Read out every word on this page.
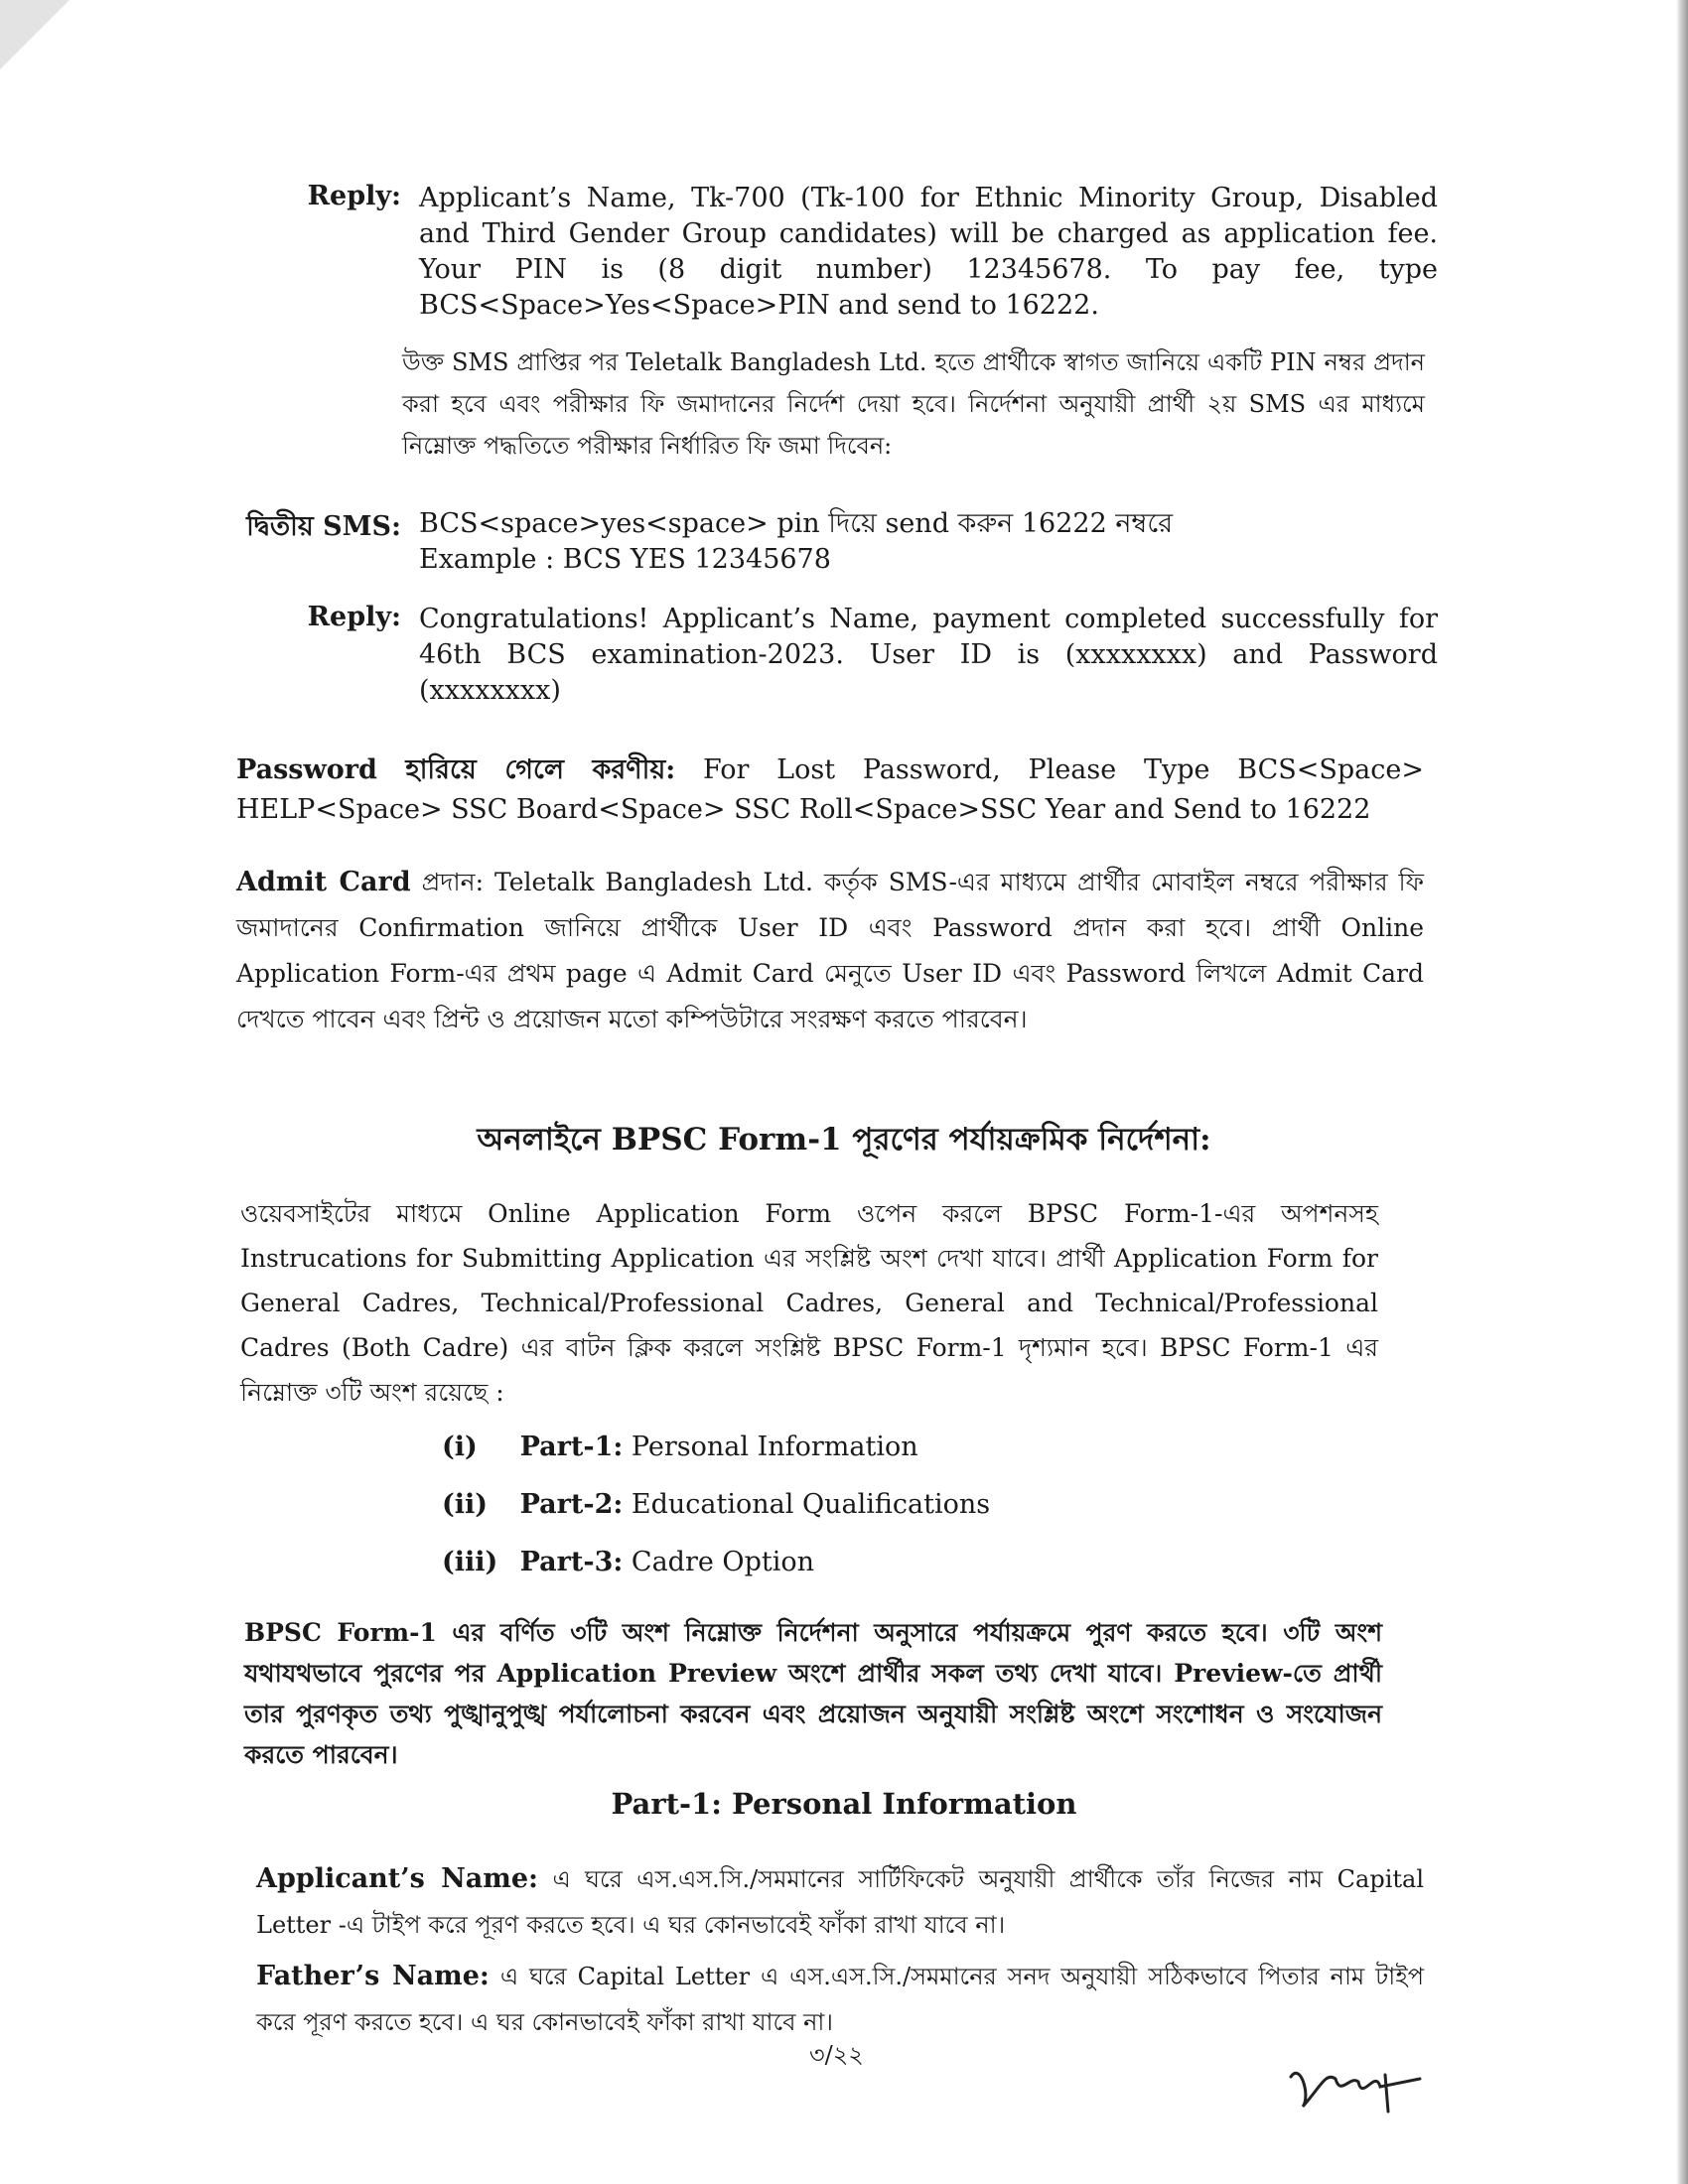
Reply: Applicant’s Name, Tk-700 (Tk-100 for Ethnic Minority Group, Disabled and Third Gender Group candidates) will be charged as application fee. Your PIN is (8 digit number) 12345678. To pay fee, type BCS<Space>Yes<Space>PIN and send to 16222.
উক্ত SMS প্রাপ্তির পর Teletalk Bangladesh Ltd. হতে প্রার্থীকে স্বাগত জানিয়ে একটি PIN নম্বর প্রদান করা হবে এবং পরীক্ষার ফি জমাদানের নির্দেশ দেয়া হবে। নির্দেশনা অনুযায়ী প্রার্থী ২য় SMS এর মাধ্যমে নিম্নোক্ত পদ্ধতিতে পরীক্ষার নির্ধারিত ফি জমা দিবেন:
দ্বিতীয় SMS: BCS<space>yes<space> pin দিয়ে send করুন 16222 নম্বরে
Example : BCS YES 12345678
Reply: Congratulations! Applicant’s Name, payment completed successfully for 46th BCS examination-2023. User ID is (xxxxxxxx) and Password (xxxxxxxx)
Password হারিয়ে গেলে করণীয়: For Lost Password, Please Type BCS<Space> HELP<Space> SSC Board<Space> SSC Roll<Space>SSC Year and Send to 16222
Admit Card প্রদান: Teletalk Bangladesh Ltd. কর্তৃক SMS-এর মাধ্যমে প্রার্থীর মোবাইল নম্বরে পরীক্ষার ফি জমাদানের Confirmation জানিয়ে প্রার্থীকে User ID এবং Password প্রদান করা হবে। প্রার্থী Online Application Form-এর প্রথম page এ Admit Card মেনুতে User ID এবং Password লিখলে Admit Card দেখতে পাবেন এবং প্রিন্ট ও প্রয়োজন মতো কম্পিউটারে সংরক্ষণ করতে পারবেন।
অনলাইনে BPSC Form-1 পূরণের পর্যায়ক্রমিক নির্দেশনা:
ওয়েবসাইটের মাধ্যমে Online Application Form ওপেন করলে BPSC Form-1-এর অপশনসহ Instrucations for Submitting Application এর সংশ্লিষ্ট অংশ দেখা যাবে। প্রার্থী Application Form for General Cadres, Technical/Professional Cadres, General and Technical/Professional Cadres (Both Cadre) এর বাটন ক্লিক করলে সংশ্লিষ্ট BPSC Form-1 দৃশ্যমান হবে। BPSC Form-1 এর নিম্নোক্ত ৩টি অংশ রয়েছে :
(i) Part-1: Personal Information
(ii) Part-2: Educational Qualifications
(iii) Part-3: Cadre Option
BPSC Form-1 এর বর্ণিত ৩টি অংশ নিম্নোক্ত নির্দেশনা অনুসারে পর্যায়ক্রমে পুরণ করতে হবে। ৩টি অংশ যথাযথভাবে পুরণের পর Application Preview অংশে প্রার্থীর সকল তথ্য দেখা যাবে। Preview-তে প্রার্থী তার পুরণকৃত তথ্য পুঙ্খানুপুঙ্খ পর্যালোচনা করবেন এবং প্রয়োজন অনুযায়ী সংশ্লিষ্ট অংশে সংশোধন ও সংযোজন করতে পারবেন।
Part-1: Personal Information
Applicant’s Name: এ ঘরে এস.এস.সি./সমমানের সার্টিফিকেট অনুযায়ী প্রার্থীকে তাঁর নিজের নাম Capital Letter -এ টাইপ করে পূরণ করতে হবে। এ ঘর কোনভাবেই ফাঁকা রাখা যাবে না।
Father’s Name: এ ঘরে Capital Letter এ এস.এস.সি./সমমানের সনদ অনুযায়ী সঠিকভাবে পিতার নাম টাইপ করে পূরণ করতে হবে। এ ঘর কোনভাবেই ফাঁকা রাখা যাবে না।
৩/২২
